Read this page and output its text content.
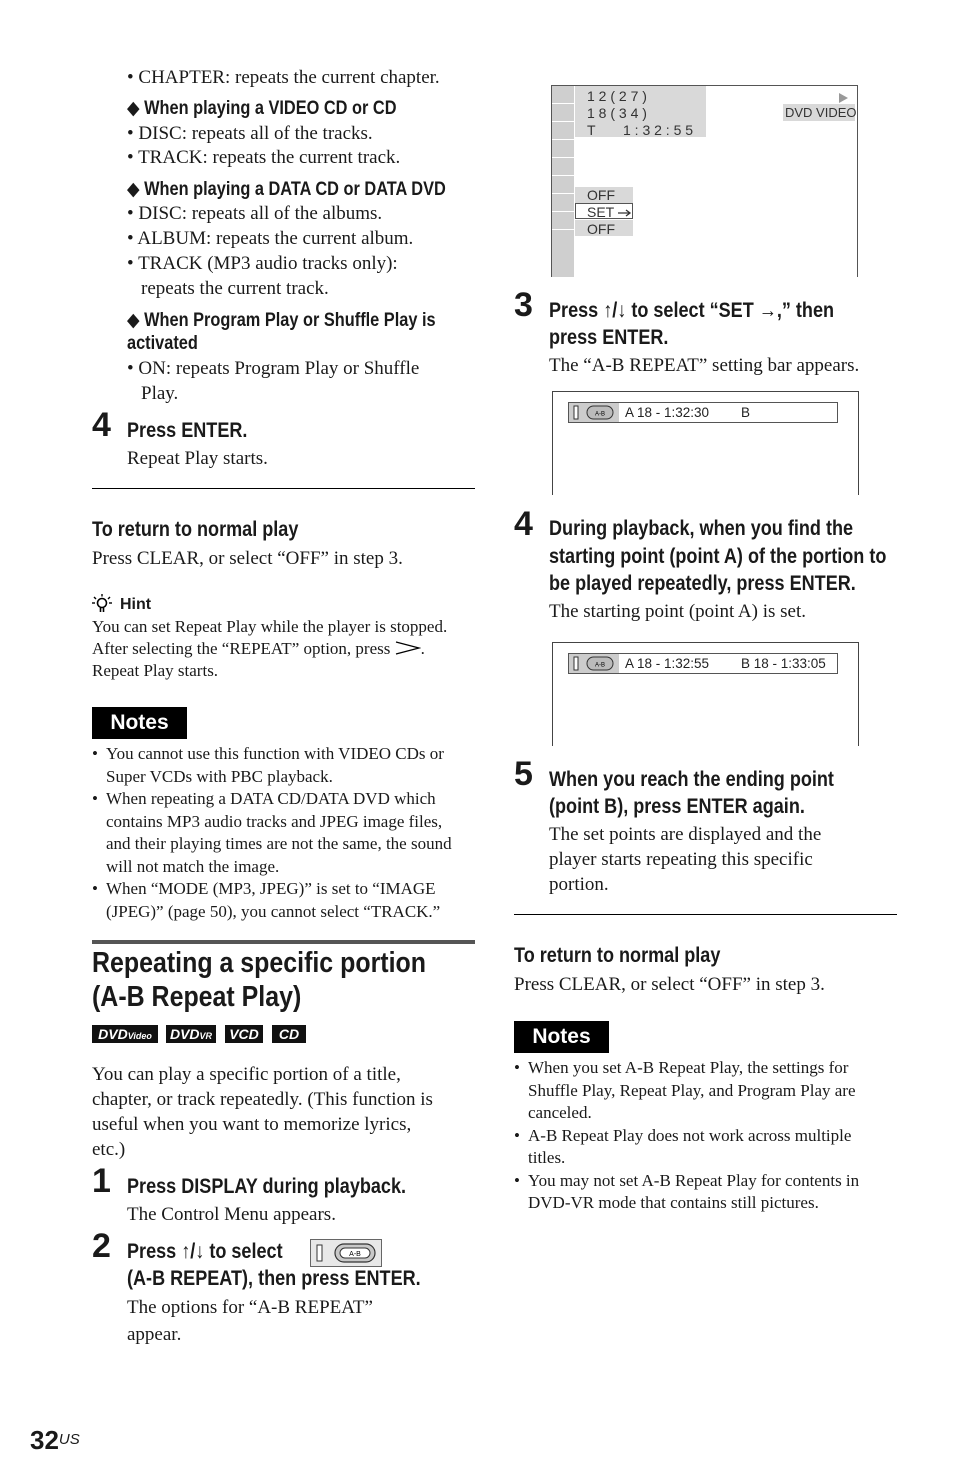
• CHAPTER: repeats the current chapter.
◆ When playing a VIDEO CD or CD
• DISC: repeats all of the tracks.
• TRACK: repeats the current track.
◆ When playing a DATA CD or DATA DVD
• DISC: repeats all of the albums.
• ALBUM: repeats the current album.
• TRACK (MP3 audio tracks only):
repeats the current track.
◆ When Program Play or Shuffle Play is
activated
• ON: repeats Program Play or Shuffle
Play.
4 Press ENTER.
Repeat Play starts.
To return to normal play
Press CLEAR, or select “OFF” in step 3.
Hint
You can set Repeat Play while the player is stopped.
After selecting the “REPEAT” option, press .
Repeat Play starts.
Notes
• You cannot use this function with VIDEO CDs or
Super VCDs with PBC playback.
• When repeating a DATA CD/DATA DVD which
contains MP3 audio tracks and JPEG image files,
and their playing times are not the same, the sound
will not match the image.
• When “MODE (MP3, JPEG)” is set to “IMAGE
(JPEG)” (page 50), you cannot select “TRACK.”
Repeating a specific portion
(A-B Repeat Play)
DVDVideo	DVDVR	VCD	CD
You can play a specific portion of a title,
chapter, or track repeatedly. (This function is
useful when you want to memorize lyrics,
etc.)
1 Press DISPLAY during playback.
The Control Menu appears.
2 Press ↑/↓ to select	A-B
(A-B REPEAT), then press ENTER.
The options for “A-B REPEAT”
appear.
1 2 ( 2 7 )
1 8 ( 3 4 )
T 1 : 3 2 : 5 5
DVD VIDEO
OFF
SET
OFF
3 Press ↑/↓ to select “SET →,” then
press ENTER.
The “A-B REPEAT” setting bar appears.
A-B A 18 - 1:32:30 B
4 During playback, when you find the
starting point (point A) of the portion to
be played repeatedly, press ENTER.
The starting point (point A) is set.
A-B A 18 - 1:32:55 B 18 - 1:33:05
5 When you reach the ending point
(point B), press ENTER again.
The set points are displayed and the
player starts repeating this specific
portion.
To return to normal play
Press CLEAR, or select “OFF” in step 3.
Notes
• When you set A-B Repeat Play, the settings for
Shuffle Play, Repeat Play, and Program Play are
canceled.
• A-B Repeat Play does not work across multiple
titles.
• You may not set A-B Repeat Play for contents in
DVD-VR mode that contains still pictures.
$32^{US}$
